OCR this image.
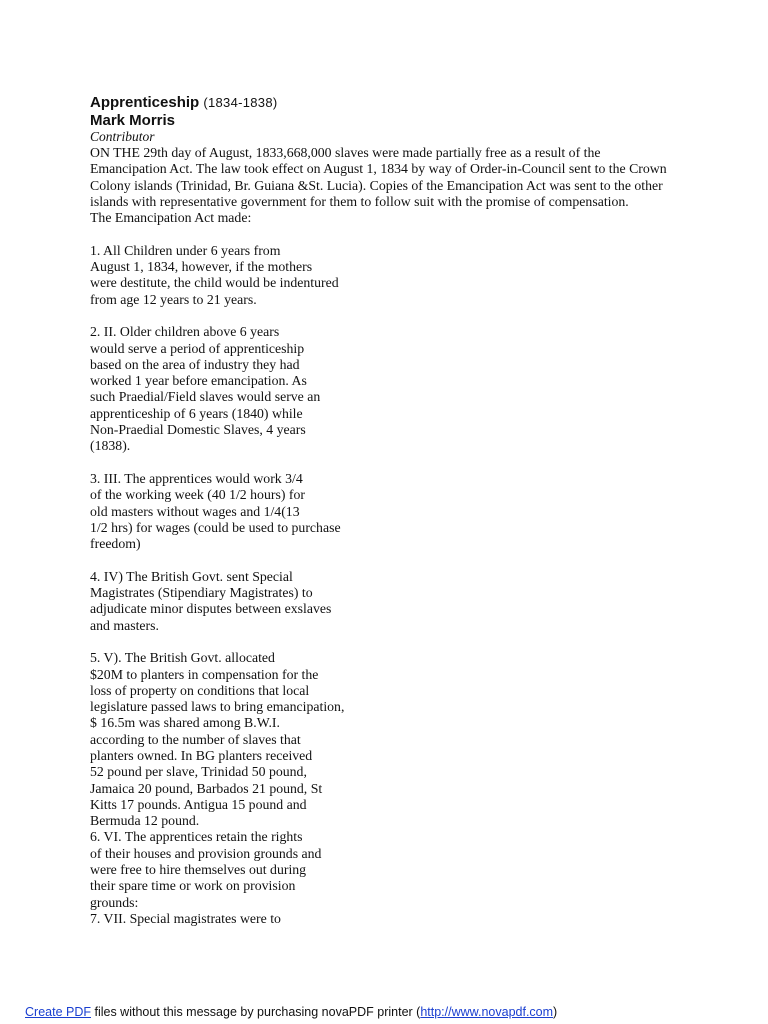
Apprenticeship (1834-1838)
Mark Morris
Contributor
ON THE 29th day of August, 1833,668,000 slaves were made partially free as a result of the
Emancipation Act. The law took effect on August 1, 1834 by way of Order-in-Council sent to the Crown
Colony islands (Trinidad, Br. Guiana &St. Lucia). Copies of the Emancipation Act was sent to the other
islands with representative government for them to follow suit with the promise of compensation.
The Emancipation Act made:
1. All Children under 6 years from
August 1, 1834, however, if the mothers
were destitute, the child would be indentured
from age 12 years to 21 years.
2. II. Older children above 6 years
would serve a period of apprenticeship
based on the area of industry they had
worked 1 year before emancipation. As
such Praedial/Field slaves would serve an
apprenticeship of 6 years (1840) while
Non-Praedial Domestic Slaves, 4 years
(1838).
3. III. The apprentices would work 3/4
of the working week (40 1/2 hours) for
old masters without wages and 1/4(13
1/2 hrs) for wages (could be used to purchase
freedom)
4. IV) The British Govt. sent Special
Magistrates (Stipendiary Magistrates) to
adjudicate minor disputes between exslaves
and masters.
5. V). The British Govt. allocated
$20M to planters in compensation for the
loss of property on conditions that local
legislature passed laws to bring emancipation,
$ 16.5m was shared among B.W.I.
according to the number of slaves that
planters owned. In BG planters received
52 pound per slave, Trinidad 50 pound,
Jamaica 20 pound, Barbados 21 pound, St
Kitts 17 pounds. Antigua 15 pound and
Bermuda 12 pound.
6. VI. The apprentices retain the rights
of their houses and provision grounds and
were free to hire themselves out during
their spare time or work on provision
grounds:
7. VII. Special magistrates were to
Create PDF files without this message by purchasing novaPDF printer (http://www.novapdf.com)
